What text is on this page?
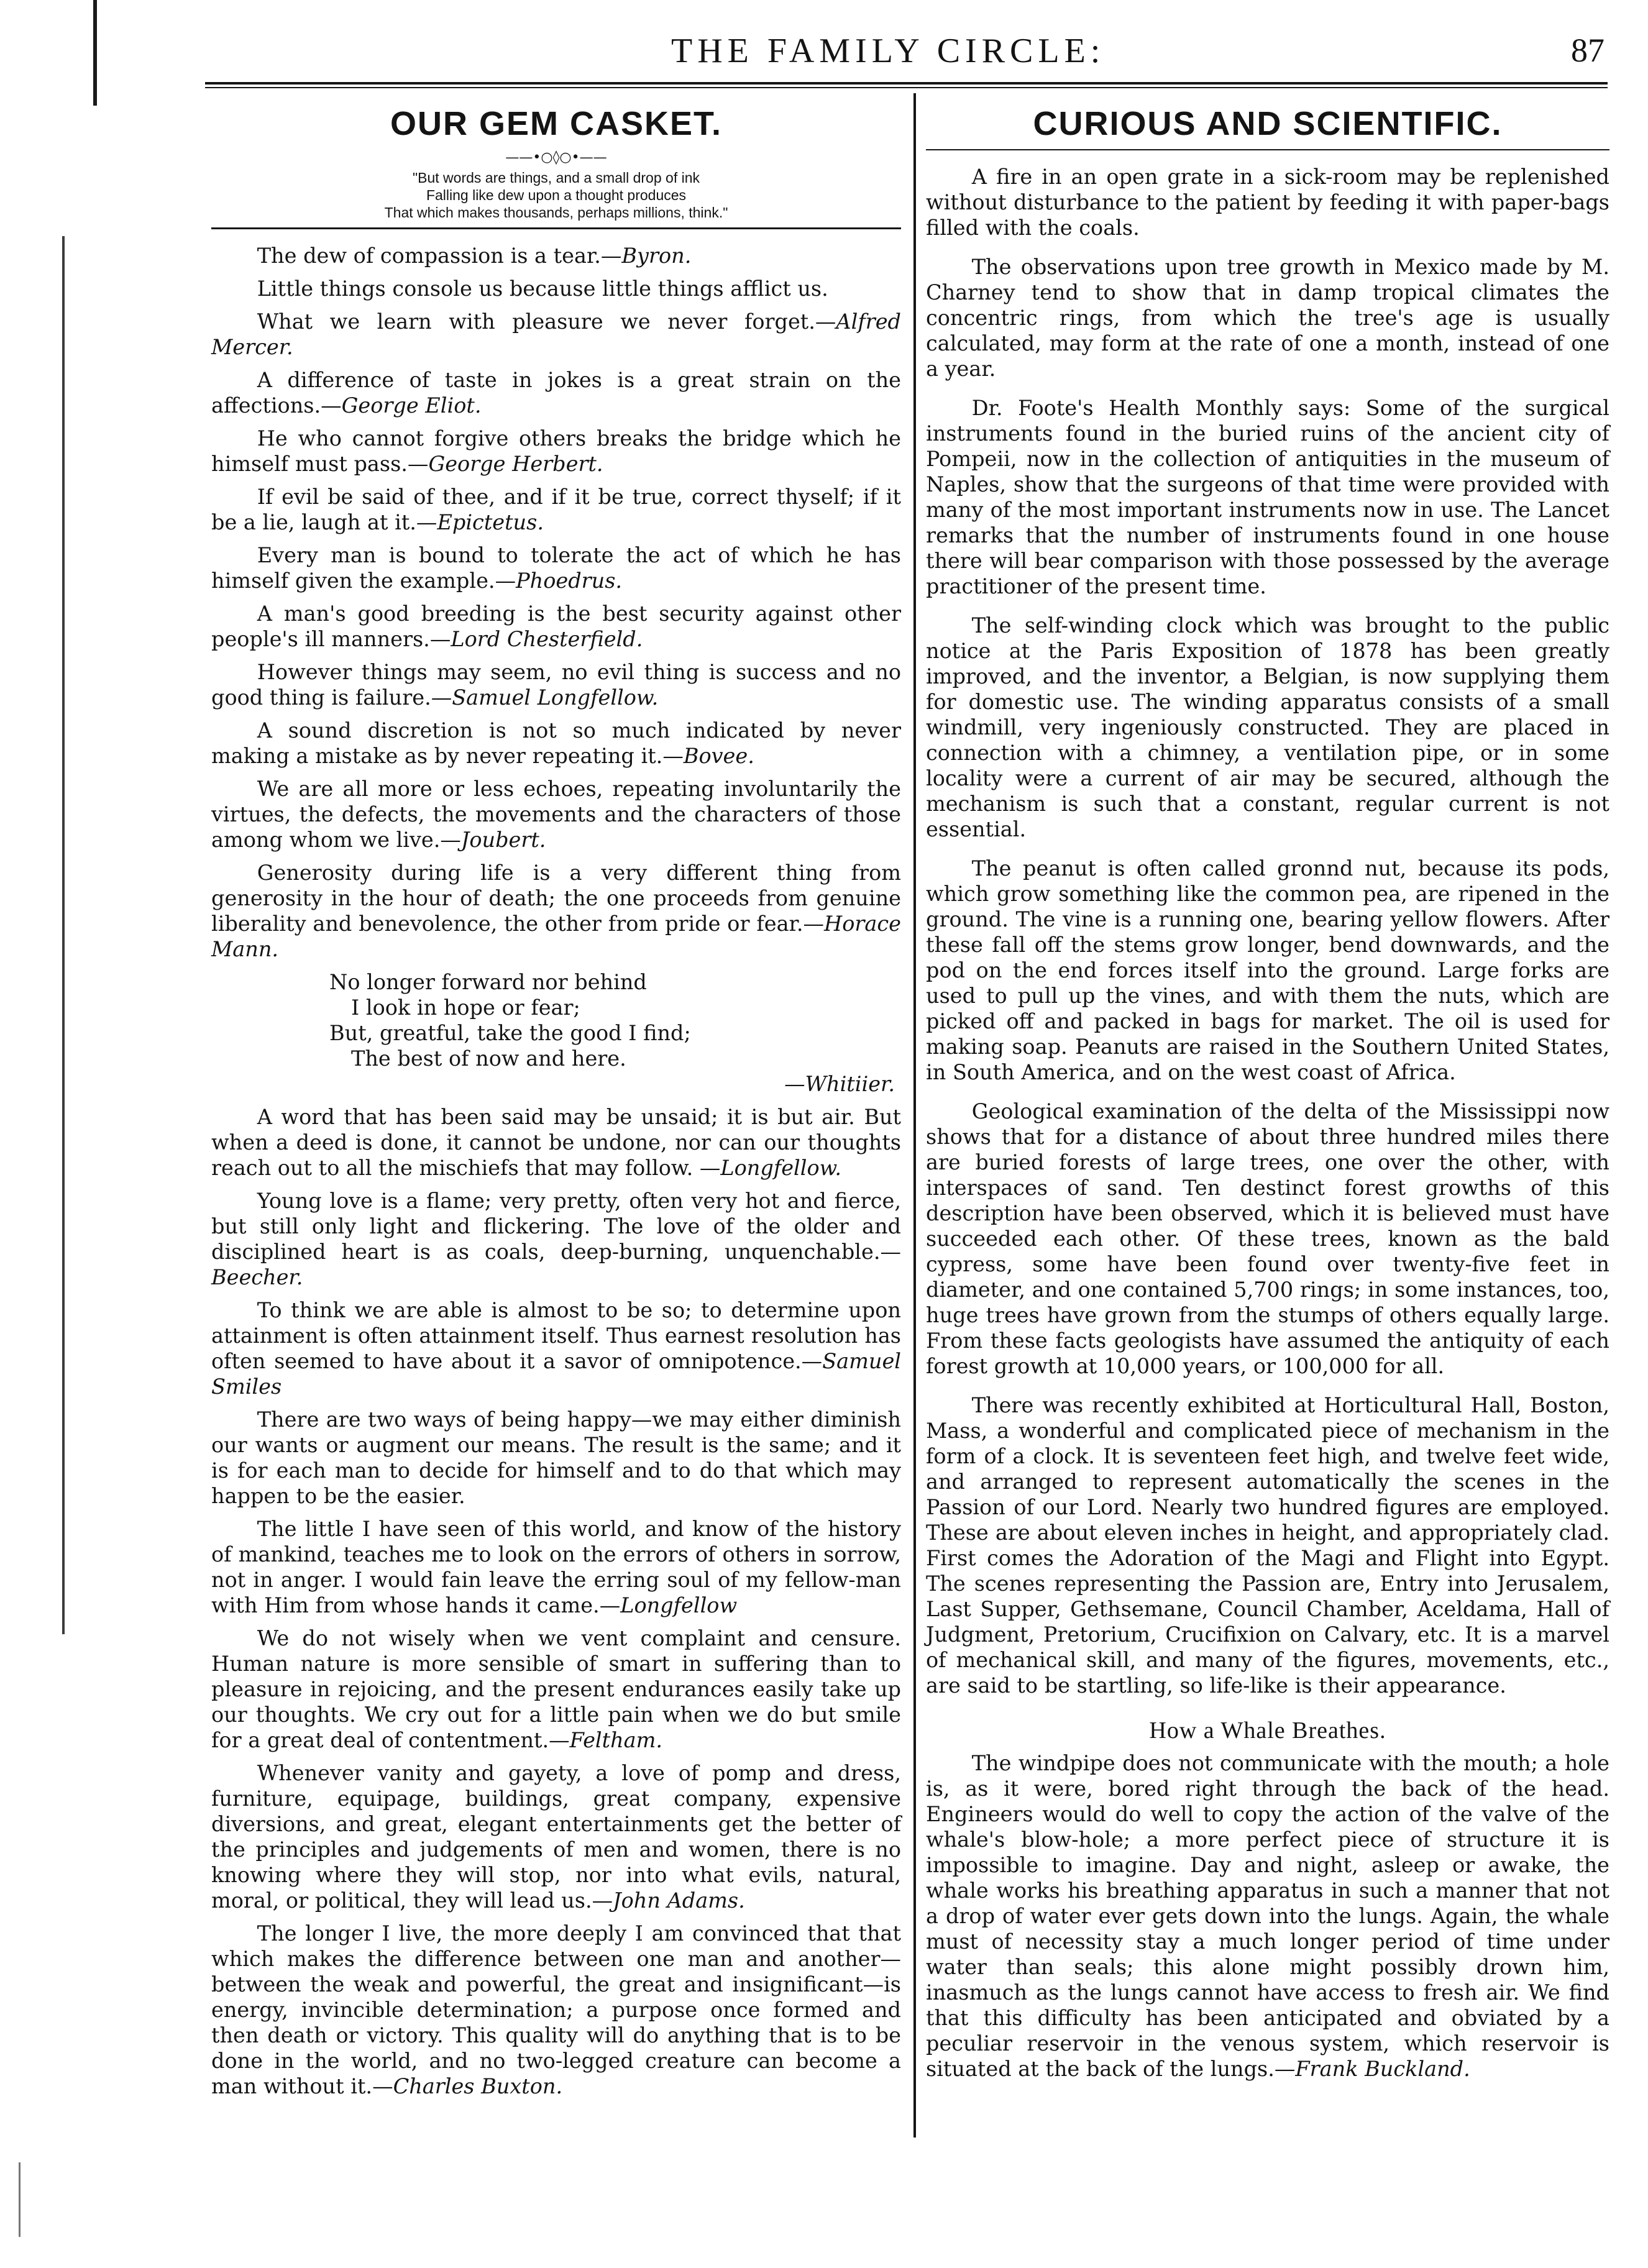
THE FAMILY CIRCLE:	87
OUR GEM CASKET.
——•○◊○•——
"But words are things, and a small drop of ink
Falling like dew upon a thought produces
That which makes thousands, perhaps millions, think."

The dew of compassion is a tear.—Byron.

Little things console us because little things afflict us.

What we learn with pleasure we never forget.—Alfred Mercer.

A difference of taste in jokes is a great strain on the affections.—George Eliot.

He who cannot forgive others breaks the bridge which he himself must pass.—George Herbert.

If evil be said of thee, and if it be true, correct thyself; if it be a lie, laugh at it.—Epictetus.

Every man is bound to tolerate the act of which he has himself given the example.—Phoedrus.

A man's good breeding is the best security against other people's ill manners.—Lord Chesterfield.

However things may seem, no evil thing is success and no good thing is failure.—Samuel Longfellow.

A sound discretion is not so much indicated by never making a mistake as by never repeating it.—Bovee.

We are all more or less echoes, repeating involuntarily the virtues, the defects, the movements and the characters of those among whom we live.—Joubert.

Generosity during life is a very different thing from generosity in the hour of death; the one proceeds from genuine liberality and benevolence, the other from pride or fear.—Horace Mann.

No longer forward nor behind
I look in hope or fear;
But, greatful, take the good I find;
The best of now and here.
—Whitiier.

A word that has been said may be unsaid; it is but air. But when a deed is done, it cannot be undone, nor can our thoughts reach out to all the mischiefs that may follow. —Longfellow.

Young love is a flame; very pretty, often very hot and fierce, but still only light and flickering. The love of the older and disciplined heart is as coals, deep-burning, unquenchable.—Beecher.

To think we are able is almost to be so; to determine upon attainment is often attainment itself. Thus earnest resolution has often seemed to have about it a savor of omnipotence.—Samuel Smiles

There are two ways of being happy—we may either diminish our wants or augment our means. The result is the same; and it is for each man to decide for himself and to do that which may happen to be the easier.

The little I have seen of this world, and know of the history of mankind, teaches me to look on the errors of others in sorrow, not in anger. I would fain leave the erring soul of my fellow-man with Him from whose hands it came.—Longfellow

We do not wisely when we vent complaint and censure. Human nature is more sensible of smart in suffering than to pleasure in rejoicing, and the present endurances easily take up our thoughts. We cry out for a little pain when we do but smile for a great deal of contentment.—Feltham.

Whenever vanity and gayety, a love of pomp and dress, furniture, equipage, buildings, great company, expensive diversions, and great, elegant entertainments get the better of the principles and judgements of men and women, there is no knowing where they will stop, nor into what evils, natural, moral, or political, they will lead us.—John Adams.

The longer I live, the more deeply I am convinced that that which makes the difference between one man and another—between the weak and powerful, the great and insignificant—is energy, invincible determination; a purpose once formed and then death or victory. This quality will do anything that is to be done in the world, and no two-legged creature can become a man without it.—Charles Buxton.

CURIOUS AND SCIENTIFIC.

A fire in an open grate in a sick-room may be replenished without disturbance to the patient by feeding it with paper-bags filled with the coals.

The observations upon tree growth in Mexico made by M. Charney tend to show that in damp tropical climates the concentric rings, from which the tree's age is usually calculated, may form at the rate of one a month, instead of one a year.

Dr. Foote's Health Monthly says: Some of the surgical instruments found in the buried ruins of the ancient city of Pompeii, now in the collection of antiquities in the museum of Naples, show that the surgeons of that time were provided with many of the most important instruments now in use. The Lancet remarks that the number of instruments found in one house there will bear comparison with those possessed by the average practitioner of the present time.

The self-winding clock which was brought to the public notice at the Paris Exposition of 1878 has been greatly improved, and the inventor, a Belgian, is now supplying them for domestic use. The winding apparatus consists of a small windmill, very ingeniously constructed. They are placed in connection with a chimney, a ventilation pipe, or in some locality were a current of air may be secured, although the mechanism is such that a constant, regular current is not essential.

The peanut is often called gronnd nut, because its pods, which grow something like the common pea, are ripened in the ground. The vine is a running one, bearing yellow flowers. After these fall off the stems grow longer, bend downwards, and the pod on the end forces itself into the ground. Large forks are used to pull up the vines, and with them the nuts, which are picked off and packed in bags for market. The oil is used for making soap. Peanuts are raised in the Southern United States, in South America, and on the west coast of Africa.

Geological examination of the delta of the Mississippi now shows that for a distance of about three hundred miles there are buried forests of large trees, one over the other, with interspaces of sand. Ten destinct forest growths of this description have been observed, which it is believed must have succeeded each other. Of these trees, known as the bald cypress, some have been found over twenty-five feet in diameter, and one contained 5,700 rings; in some instances, too, huge trees have grown from the stumps of others equally large. From these facts geologists have assumed the antiquity of each forest growth at 10,000 years, or 100,000 for all.

There was recently exhibited at Horticultural Hall, Boston, Mass, a wonderful and complicated piece of mechanism in the form of a clock. It is seventeen feet high, and twelve feet wide, and arranged to represent automatically the scenes in the Passion of our Lord. Nearly two hundred figures are employed. These are about eleven inches in height, and appropriately clad. First comes the Adoration of the Magi and Flight into Egypt. The scenes representing the Passion are, Entry into Jerusalem, Last Supper, Gethsemane, Council Chamber, Aceldama, Hall of Judgment, Pretorium, Crucifixion on Calvary, etc. It is a marvel of mechanical skill, and many of the figures, movements, etc., are said to be startling, so life-like is their appearance.

How a Whale Breathes.

The windpipe does not communicate with the mouth; a hole is, as it were, bored right through the back of the head. Engineers would do well to copy the action of the valve of the whale's blow-hole; a more perfect piece of structure it is impossible to imagine. Day and night, asleep or awake, the whale works his breathing apparatus in such a manner that not a drop of water ever gets down into the lungs. Again, the whale must of necessity stay a much longer period of time under water than seals; this alone might possibly drown him, inasmuch as the lungs cannot have access to fresh air. We find that this difficulty has been anticipated and obviated by a peculiar reservoir in the venous system, which reservoir is situated at the back of the lungs.—Frank Buckland.
